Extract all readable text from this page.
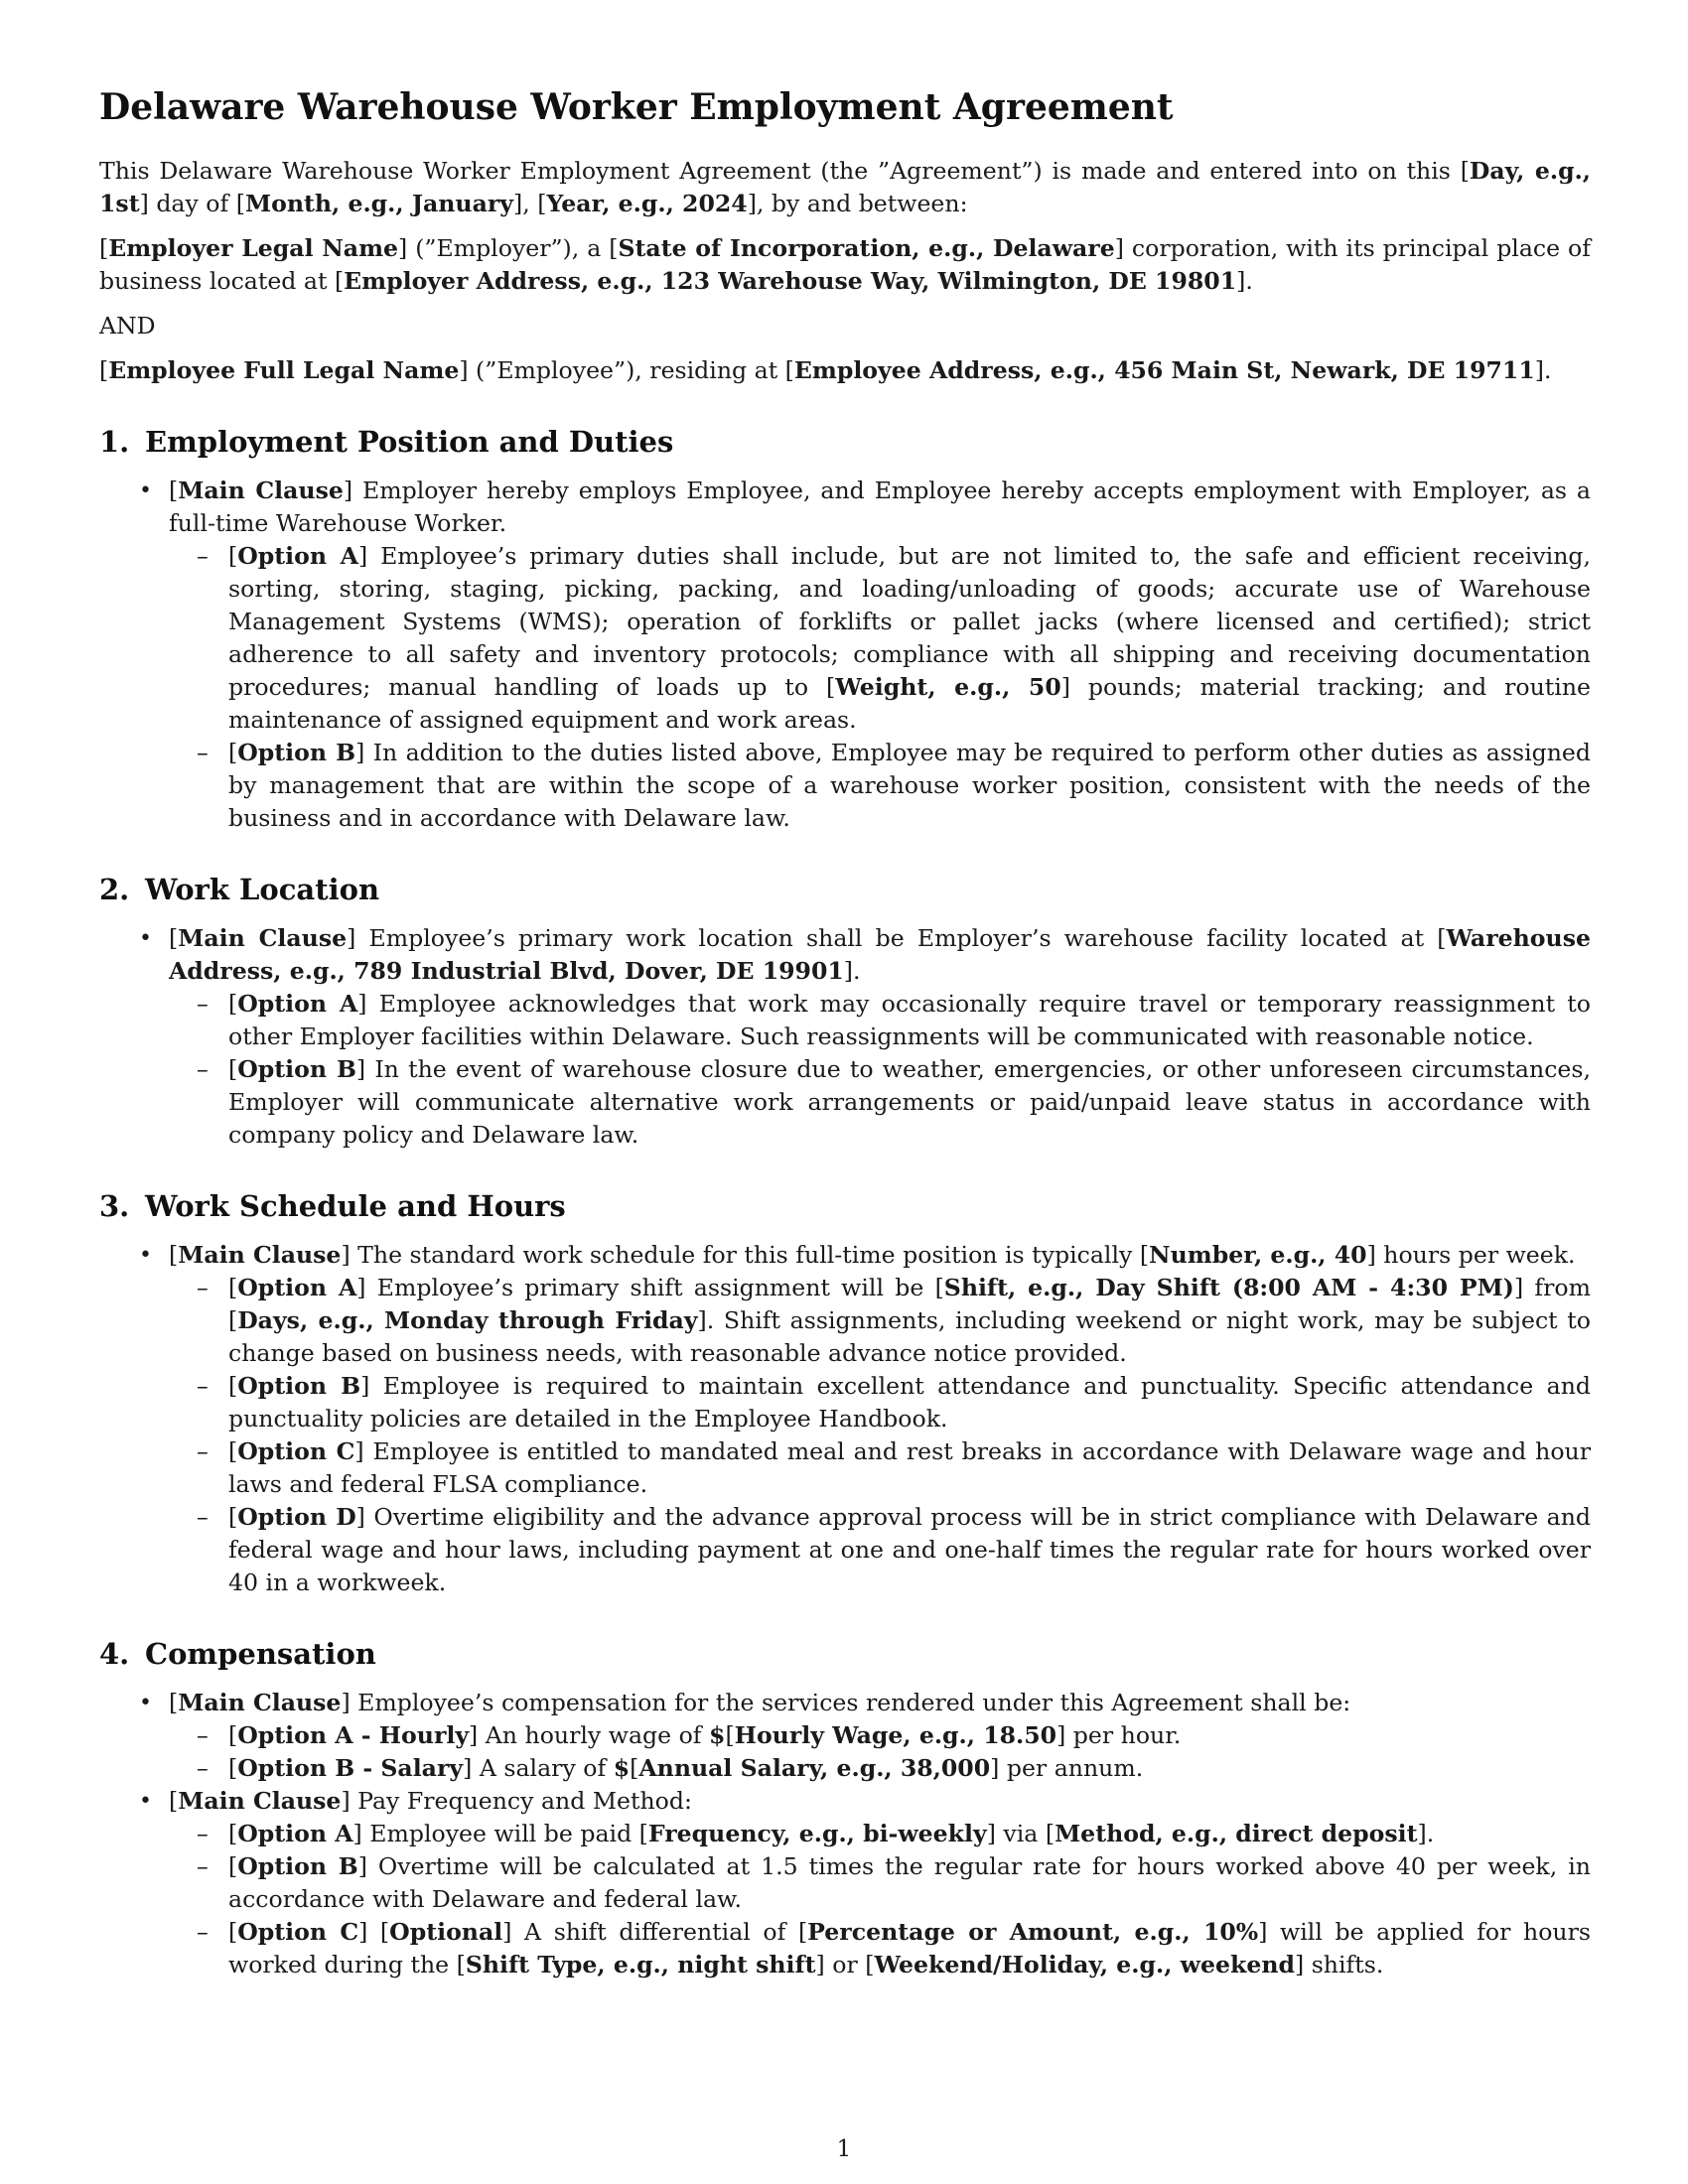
Delaware Warehouse Worker Employment Agreement

This Delaware Warehouse Worker Employment Agreement (the ”Agreement”) is made and entered into on this [Day, e.g., 1st] day of [Month, e.g., January], [Year, e.g., 2024], by and between:

[Employer Legal Name] (”Employer”), a [State of Incorporation, e.g., Delaware] corporation, with its principal place of business located at [Employer Address, e.g., 123 Warehouse Way, Wilmington, DE 19801].

AND

[Employee Full Legal Name] (”Employee”), residing at [Employee Address, e.g., 456 Main St, Newark, DE 19711].

1. Employment Position and Duties
• [Main Clause] Employer hereby employs Employee, and Employee hereby accepts employment with Employer, as a full-time Warehouse Worker.
– [Option A] Employee’s primary duties shall include, but are not limited to, the safe and efficient receiving, sorting, storing, staging, picking, packing, and loading/unloading of goods; accurate use of Warehouse Management Systems (WMS); operation of forklifts or pallet jacks (where licensed and certified); strict adherence to all safety and inventory protocols; compliance with all shipping and receiving documentation procedures; manual handling of loads up to [Weight, e.g., 50] pounds; material tracking; and routine maintenance of assigned equipment and work areas.
– [Option B] In addition to the duties listed above, Employee may be required to perform other duties as assigned by management that are within the scope of a warehouse worker position, consistent with the needs of the business and in accordance with Delaware law.
2. Work Location
• [Main Clause] Employee’s primary work location shall be Employer’s warehouse facility located at [Warehouse Address, e.g., 789 Industrial Blvd, Dover, DE 19901].
– [Option A] Employee acknowledges that work may occasionally require travel or temporary reassignment to other Employer facilities within Delaware. Such reassignments will be communicated with reasonable notice.
– [Option B] In the event of warehouse closure due to weather, emergencies, or other unforeseen circumstances, Employer will communicate alternative work arrangements or paid/unpaid leave status in accordance with company policy and Delaware law.
3. Work Schedule and Hours
• [Main Clause] The standard work schedule for this full-time position is typically [Number, e.g., 40] hours per week.
– [Option A] Employee’s primary shift assignment will be [Shift, e.g., Day Shift (8:00 AM - 4:30 PM)] from [Days, e.g., Monday through Friday]. Shift assignments, including weekend or night work, may be subject to change based on business needs, with reasonable advance notice provided.
– [Option B] Employee is required to maintain excellent attendance and punctuality. Specific attendance and punctuality policies are detailed in the Employee Handbook.
– [Option C] Employee is entitled to mandated meal and rest breaks in accordance with Delaware wage and hour laws and federal FLSA compliance.
– [Option D] Overtime eligibility and the advance approval process will be in strict compliance with Delaware and federal wage and hour laws, including payment at one and one-half times the regular rate for hours worked over 40 in a workweek.
4. Compensation
• [Main Clause] Employee’s compensation for the services rendered under this Agreement shall be:
– [Option A - Hourly] An hourly wage of $[Hourly Wage, e.g., 18.50] per hour.
– [Option B - Salary] A salary of $[Annual Salary, e.g., 38,000] per annum.
• [Main Clause] Pay Frequency and Method:
– [Option A] Employee will be paid [Frequency, e.g., bi-weekly] via [Method, e.g., direct deposit].
– [Option B] Overtime will be calculated at 1.5 times the regular rate for hours worked above 40 per week, in accordance with Delaware and federal law.
– [Option C] [Optional] A shift differential of [Percentage or Amount, e.g., 10%] will be applied for hours worked during the [Shift Type, e.g., night shift] or [Weekend/Holiday, e.g., weekend] shifts.
1
